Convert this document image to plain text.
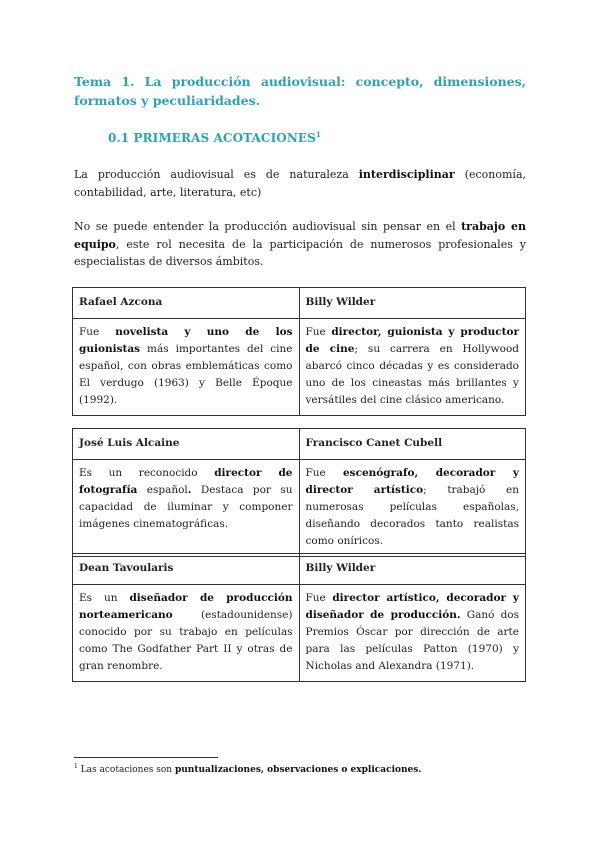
Tema 1. La producción audiovisual: concepto, dimensiones, formatos y peculiaridades.
0.1 PRIMERAS ACOTACIONES$^1$
La producción audiovisual es de naturaleza interdisciplinar (economía, contabilidad, arte, literatura, etc)
No se puede entender la producción audiovisual sin pensar en el trabajo en equipo, este rol necesita de la participación de numerosos profesionales y especialistas de diversos ámbitos.
Rafael Azcona	Billy Wilder
Fue novelista y uno de los guionistas más importantes del cine español, con obras emblemáticas como El verdugo (1963) y Belle Époque (1992).	Fue director, guionista y productor de cine; su carrera en Hollywood abarcó cinco décadas y es considerado uno de los cineastas más brillantes y versátiles del cine clásico americano.
José Luis Alcaine	Francisco Canet Cubell
Es un reconocido director de fotografía español. Destaca por su capacidad de iluminar y componer imágenes cinematográficas.	Fue escenógrafo, decorador y director artístico; trabajó en numerosas películas españolas, diseñando decorados tanto realistas como oníricos.
Dean Tavoularis	Billy Wilder
Es un diseñador de producción norteamericano (estadounidense) conocido por su trabajo en películas como The Godfather Part II y otras de gran renombre.	Fue director artístico, decorador y diseñador de producción. Ganó dos Premios Óscar por dirección de arte para las películas Patton (1970) y Nicholas and Alexandra (1971).
$^1$ Las acotaciones son puntualizaciones, observaciones o explicaciones.
